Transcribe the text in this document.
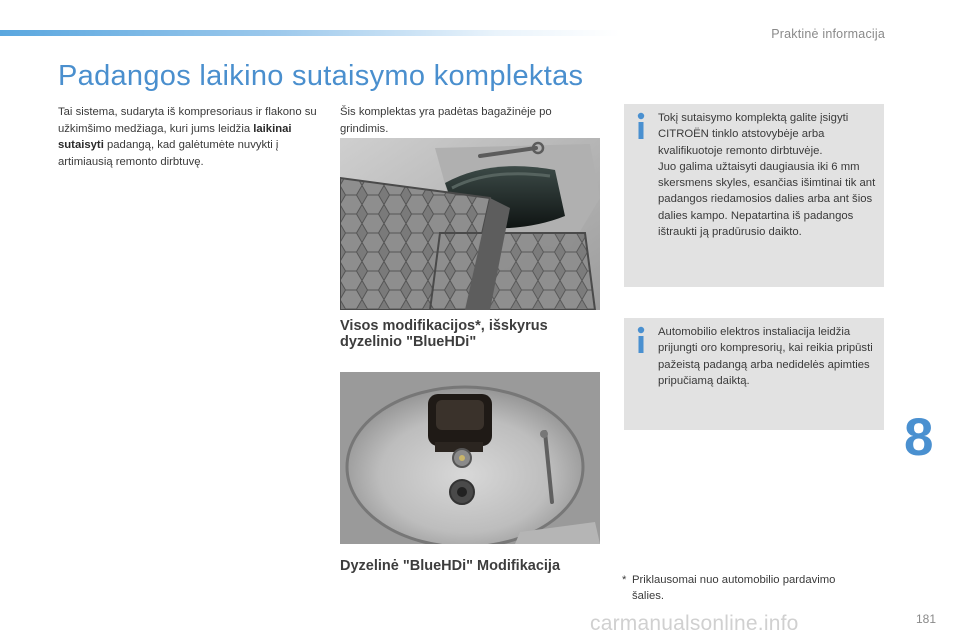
Praktinė informacija
Padangos laikino sutaisymo komplektas
Tai sistema, sudaryta iš kompresoriaus ir flakono su užkimšimo medžiaga, kuri jums leidžia laikinai sutaisyti padangą, kad galėtumėte nuvykti į artimiausią remonto dirbtuvę.
Šis komplektas yra padėtas bagažinėje po grindimis.
Visos modifikacijos*, išskyrus dyzelinio "BlueHDi"
Dyzelinė "BlueHDi" Modifikacija
Tokį sutaisymo komplektą galite įsigyti CITROËN tinklo atstovybėje arba kvalifikuotoje remonto dirbtuvėje.
Juo galima užtaisyti daugiausia iki 6 mm skersmens skyles, esančias išimtinai tik ant padangos riedamosios dalies arba ant šios dalies kampo. Nepatartina iš padangos ištraukti ją pradūrusio daikto.
Automobilio elektros instaliacija leidžia prijungti oro kompresorių, kai reikia pripūsti pažeistą padangą arba nedidelės apimties pripučiamą daiktą.
* Priklausomai nuo automobilio pardavimo
šalies.
8
carmanualsonline.info	181
